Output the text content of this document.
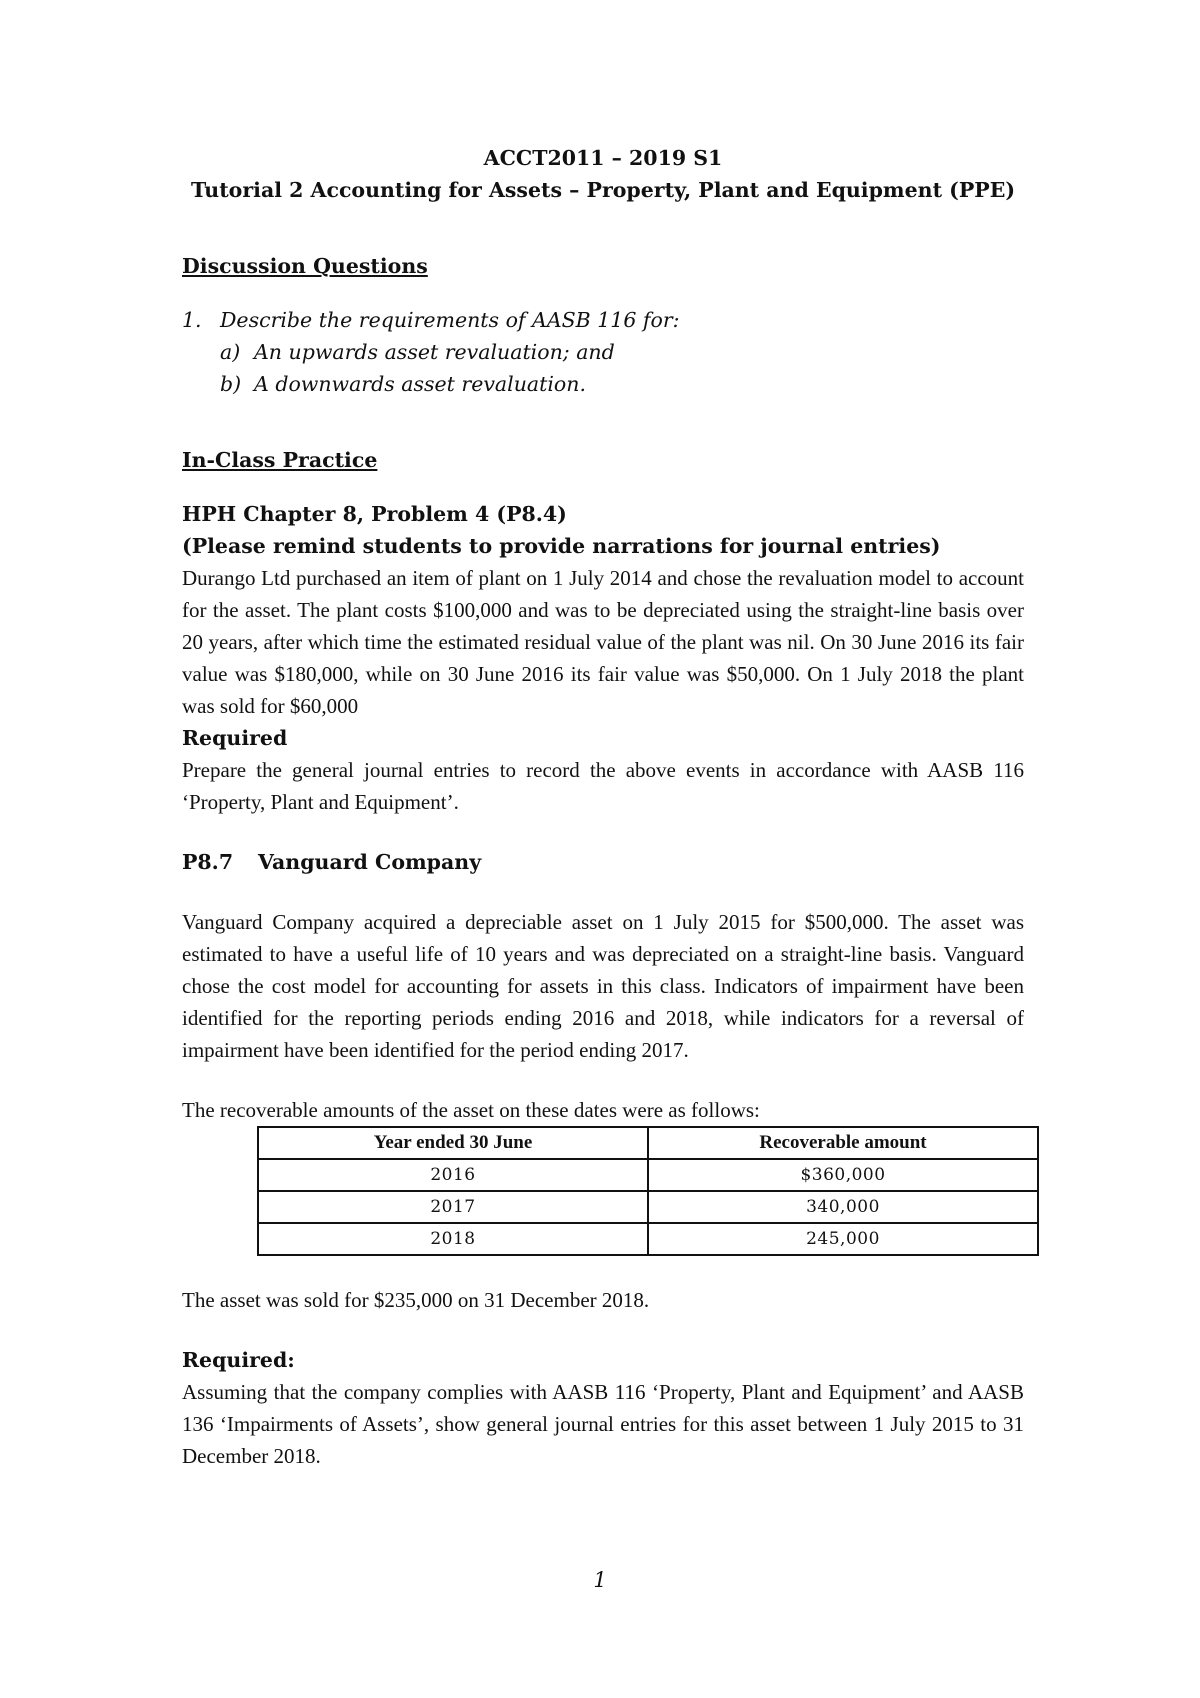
ACCT2011 – 2019 S1

Tutorial 2 Accounting for Assets – Property, Plant and Equipment (PPE)

Discussion Questions

1. Describe the requirements of AASB 116 for:
a) An upwards asset revaluation; and
b) A downwards asset revaluation.

In-Class Practice

HPH Chapter 8, Problem 4 (P8.4)

(Please remind students to provide narrations for journal entries)

Durango Ltd purchased an item of plant on 1 July 2014 and chose the revaluation model to account for the asset. The plant costs $100,000 and was to be depreciated using the straight-line basis over 20 years, after which time the estimated residual value of the plant was nil. On 30 June 2016 its fair value was $180,000, while on 30 June 2016 its fair value was $50,000. On 1 July 2018 the plant was sold for $60,000

Required

Prepare the general journal entries to record the above events in accordance with AASB 116 ‘Property, Plant and Equipment’.

P8.7 Vanguard Company

Vanguard Company acquired a depreciable asset on 1 July 2015 for $500,000. The asset was estimated to have a useful life of 10 years and was depreciated on a straight-line basis. Vanguard chose the cost model for accounting for assets in this class. Indicators of impairment have been identified for the reporting periods ending 2016 and 2018, while indicators for a reversal of impairment have been identified for the period ending 2017.

The recoverable amounts of the asset on these dates were as follows:

Year ended 30 June	Recoverable amount
2016	$360,000
2017	340,000
2018	245,000

The asset was sold for $235,000 on 31 December 2018.

Required:

Assuming that the company complies with AASB 116 ‘Property, Plant and Equipment’ and AASB 136 ‘Impairments of Assets’, show general journal entries for this asset between 1 July 2015 to 31 December 2018.

1
